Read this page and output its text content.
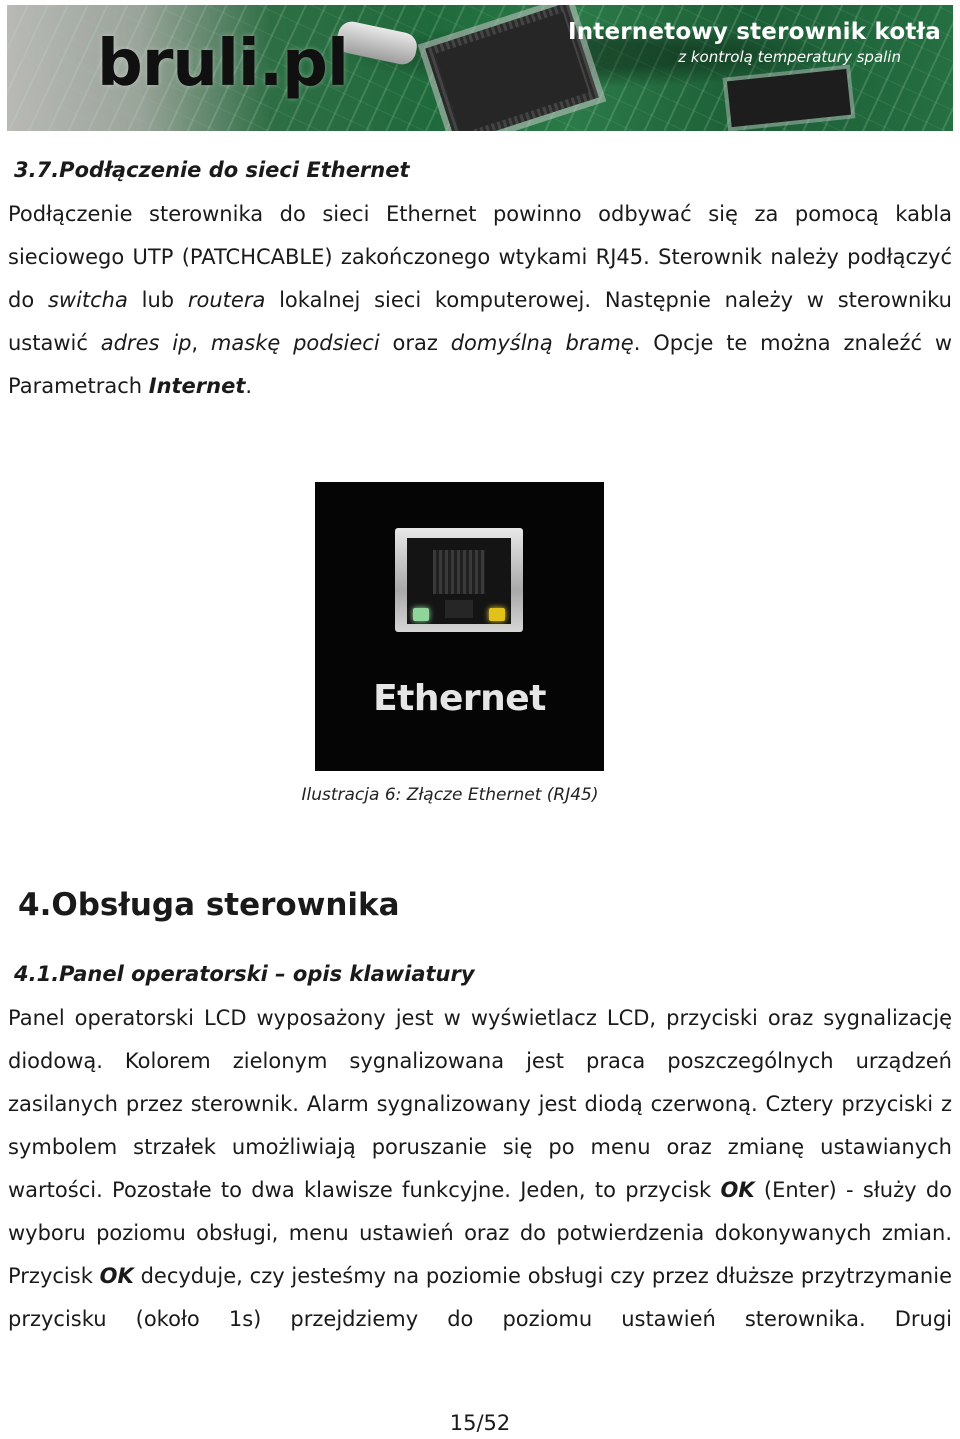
bruli.pl	Internetowy sterownik kotła
z kontrolą temperatury spalin
3.7.Podłączenie do sieci Ethernet

Podłączenie sterownika do sieci Ethernet powinno odbywać się za pomocą kabla sieciowego UTP (PATCHCABLE) zakończonego wtykami RJ45. Sterownik należy podłączyć do switcha lub routera lokalnej sieci komputerowej. Następnie należy w sterowniku ustawić adres ip, maskę podsieci oraz domyślną bramę. Opcje te można znaleźć w Parametrach Internet.

Ethernet
Ilustracja 6: Złącze Ethernet (RJ45)
4.Obsługa sterownika
4.1.Panel operatorski – opis klawiatury

Panel operatorski LCD wyposażony jest w wyświetlacz LCD, przyciski oraz sygnalizację diodową. Kolorem zielonym sygnalizowana jest praca poszczególnych urządzeń zasilanych przez sterownik. Alarm sygnalizowany jest diodą czerwoną. Cztery przyciski z symbolem strzałek umożliwiają poruszanie się po menu oraz zmianę ustawianych wartości. Pozostałe to dwa klawisze funkcyjne. Jeden, to przycisk OK (Enter) - służy do wyboru poziomu obsługi, menu ustawień oraz do potwierdzenia dokonywanych zmian. Przycisk OK decyduje, czy jesteśmy na poziomie obsługi czy przez dłuższe przytrzymanie przycisku (około 1s) przejdziemy do poziomu ustawień sterownika. Drugi

15/52
